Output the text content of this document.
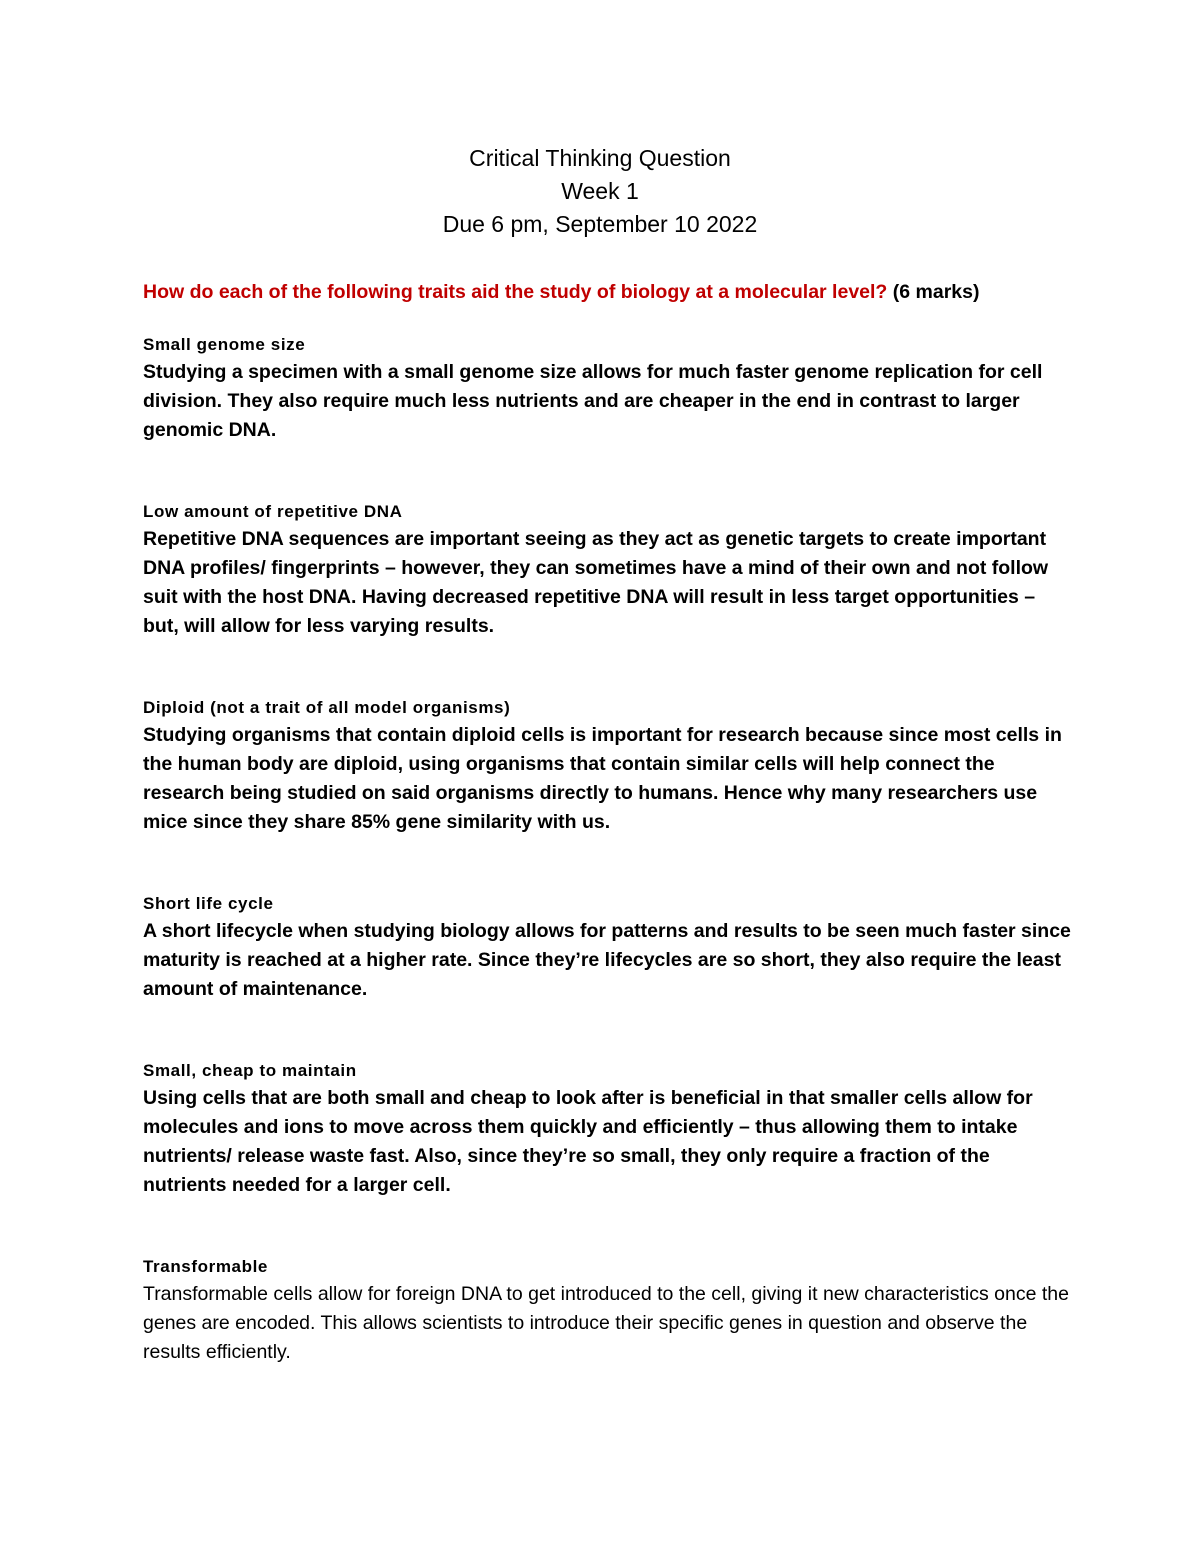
Critical Thinking Question
Week 1
Due 6 pm, September 10 2022
How do each of the following traits aid the study of biology at a molecular level? (6 marks)
Small genome size
Studying a specimen with a small genome size allows for much faster genome replication for cell division. They also require much less nutrients and are cheaper in the end in contrast to larger genomic DNA.
Low amount of repetitive DNA
Repetitive DNA sequences are important seeing as they act as genetic targets to create important DNA profiles/ fingerprints – however, they can sometimes have a mind of their own and not follow suit with the host DNA. Having decreased repetitive DNA will result in less target opportunities – but, will allow for less varying results.
Diploid (not a trait of all model organisms)
Studying organisms that contain diploid cells is important for research because since most cells in the human body are diploid, using organisms that contain similar cells will help connect the research being studied on said organisms directly to humans. Hence why many researchers use mice since they share 85% gene similarity with us.
Short life cycle
A short lifecycle when studying biology allows for patterns and results to be seen much faster since maturity is reached at a higher rate. Since they’re lifecycles are so short, they also require the least amount of maintenance.
Small, cheap to maintain
Using cells that are both small and cheap to look after is beneficial in that smaller cells allow for molecules and ions to move across them quickly and efficiently – thus allowing them to intake nutrients/ release waste fast. Also, since they’re so small, they only require a fraction of the nutrients needed for a larger cell.
Transformable
Transformable cells allow for foreign DNA to get introduced to the cell, giving it new characteristics once the genes are encoded. This allows scientists to introduce their specific genes in question and observe the results efficiently.
